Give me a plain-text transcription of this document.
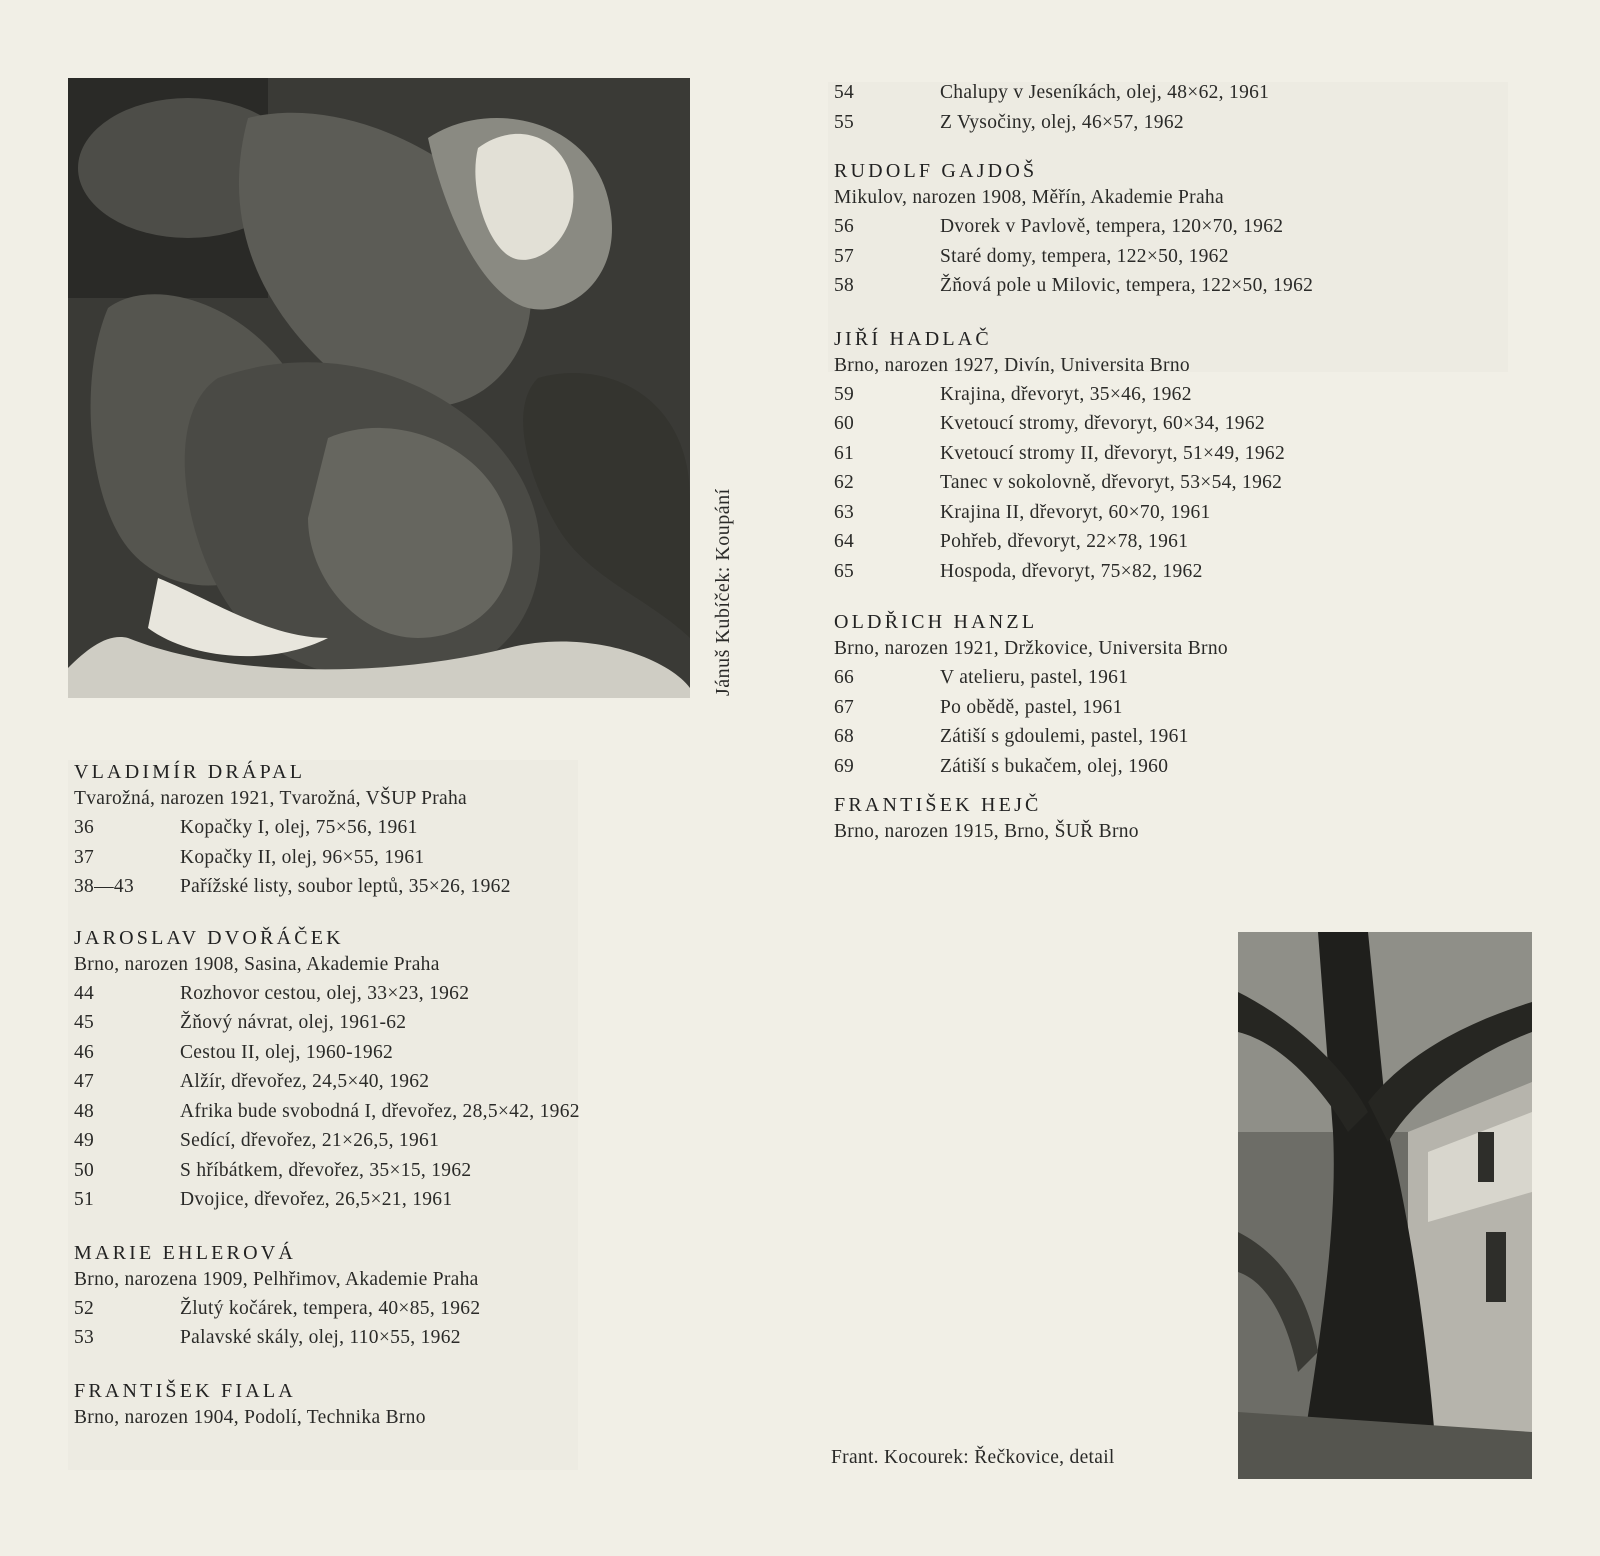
Jánuš Kubíček: Koupání
VLADIMÍR DRÁPAL
Tvarožná, narozen 1921, Tvarožná, VŠUP Praha
36	Kopačky I, olej, 75×56, 1961
37	Kopačky II, olej, 96×55, 1961
38—43	Pařížské listy, soubor leptů, 35×26, 1962
JAROSLAV DVOŘÁČEK
Brno, narozen 1908, Sasina, Akademie Praha
44	Rozhovor cestou, olej, 33×23, 1962
45	Žňový návrat, olej, 1961-62
46	Cestou II, olej, 1960-1962
47	Alžír, dřevořez, 24,5×40, 1962
48	Afrika bude svobodná I, dřevořez, 28,5×42, 1962
49	Sedící, dřevořez, 21×26,5, 1961
50	S hříbátkem, dřevořez, 35×15, 1962
51	Dvojice, dřevořez, 26,5×21, 1961
MARIE EHLEROVÁ
Brno, narozena 1909, Pelhřimov, Akademie Praha
52	Žlutý kočárek, tempera, 40×85, 1962
53	Palavské skály, olej, 110×55, 1962
FRANTIŠEK FIALA
Brno, narozen 1904, Podolí, Technika Brno
54	Chalupy v Jeseníkách, olej, 48×62, 1961
55	Z Vysočiny, olej, 46×57, 1962
RUDOLF GAJDOŠ
Mikulov, narozen 1908, Měřín, Akademie Praha
56	Dvorek v Pavlově, tempera, 120×70, 1962
57	Staré domy, tempera, 122×50, 1962
58	Žňová pole u Milovic, tempera, 122×50, 1962
JIŘÍ HADLAČ
Brno, narozen 1927, Divín, Universita Brno
59	Krajina, dřevoryt, 35×46, 1962
60	Kvetoucí stromy, dřevoryt, 60×34, 1962
61	Kvetoucí stromy II, dřevoryt, 51×49, 1962
62	Tanec v sokolovně, dřevoryt, 53×54, 1962
63	Krajina II, dřevoryt, 60×70, 1961
64	Pohřeb, dřevoryt, 22×78, 1961
65	Hospoda, dřevoryt, 75×82, 1962
OLDŘICH HANZL
Brno, narozen 1921, Držkovice, Universita Brno
66	V atelieru, pastel, 1961
67	Po obědě, pastel, 1961
68	Zátiší s gdoulemi, pastel, 1961
69	Zátiší s bukačem, olej, 1960
FRANTIŠEK HEJČ
Brno, narozen 1915, Brno, ŠUŘ Brno
Frant. Kocourek: Řečkovice, detail
